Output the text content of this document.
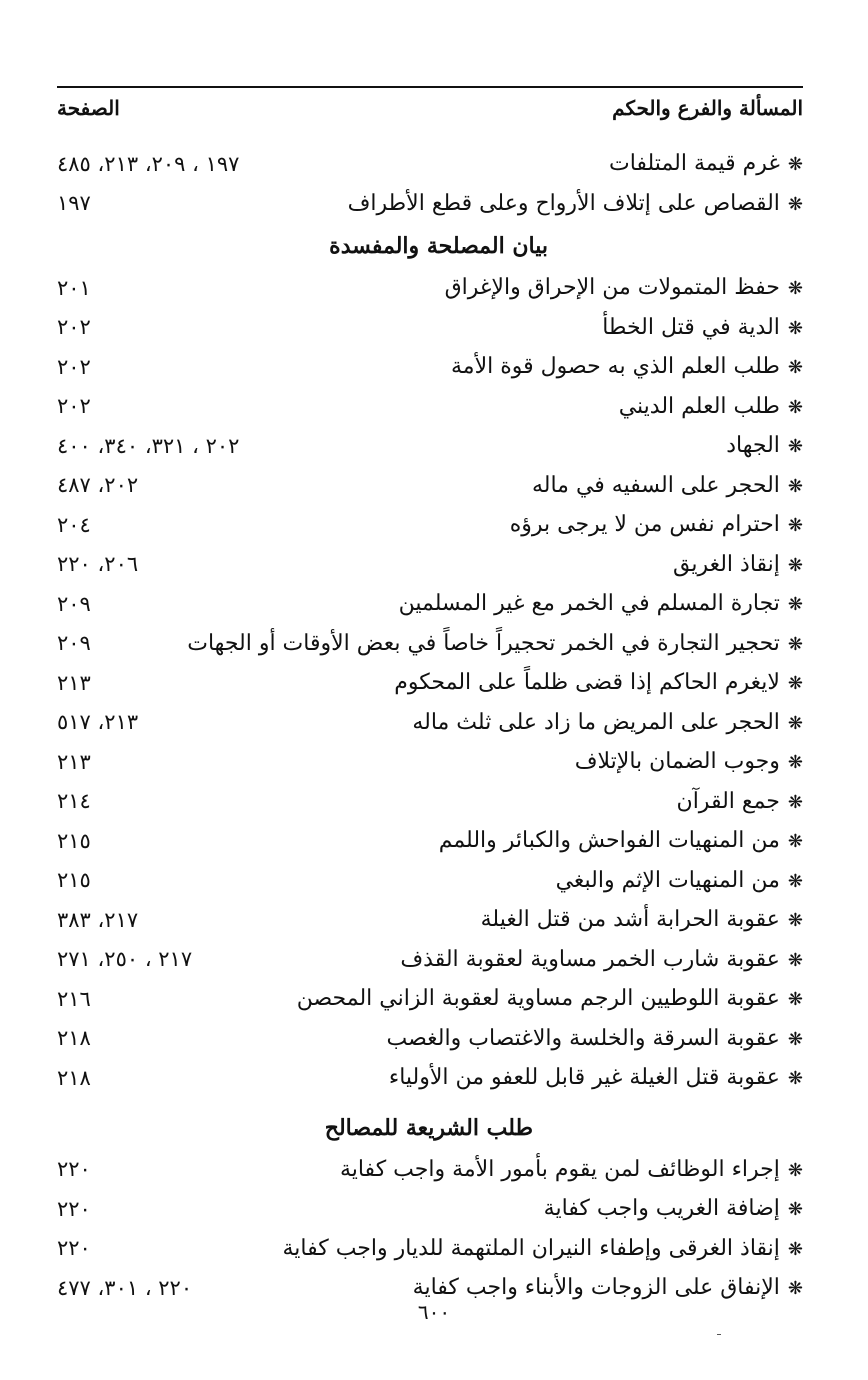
المسألة والفرع والحكم
الصفحة
❋غرم قيمة المتلفات
١٩٧ ، ٢٠٩، ٢١٣، ٤٨٥
❋القصاص على إتلاف الأرواح وعلى قطع الأطراف
١٩٧
بيان المصلحة والمفسدة
❋حفظ المتمولات من الإحراق والإغراق
٢٠١
❋الدية في قتل الخطأ
٢٠٢
❋طلب العلم الذي به حصول قوة الأمة
٢٠٢
❋طلب العلم الديني
٢٠٢
❋الجهاد
٢٠٢ ، ٣٢١، ٣٤٠، ٤٠٠
❋الحجر على السفيه في ماله
٢٠٢، ٤٨٧
❋احترام نفس من لا يرجى برؤه
٢٠٤
❋إنقاذ الغريق
٢٠٦، ٢٢٠
❋تجارة المسلم في الخمر مع غير المسلمين
٢٠٩
❋تحجير التجارة في الخمر تحجيراً خاصاً في بعض الأوقات أو الجهات
٢٠٩
❋لايغرم الحاكم إذا قضى ظلماً على المحكوم
٢١٣
❋الحجر على المريض ما زاد على ثلث ماله
٢١٣، ٥١٧
❋وجوب الضمان بالإتلاف
٢١٣
❋جمع القرآن
٢١٤
❋من المنهيات الفواحش والكبائر واللمم
٢١٥
❋من المنهيات الإثم والبغي
٢١٥
❋عقوبة الحرابة أشد من قتل الغيلة
٢١٧، ٣٨٣
❋عقوبة شارب الخمر مساوية لعقوبة القذف
٢١٧ ، ٢٥٠، ٢٧١
❋عقوبة اللوطيين الرجم مساوية لعقوبة الزاني المحصن
٢١٦
❋عقوبة السرقة والخلسة والاغتصاب والغصب
٢١٨
❋عقوبة قتل الغيلة غير قابل للعفو من الأولياء
٢١٨
طلب الشريعة للمصالح
❋إجراء الوظائف لمن يقوم بأمور الأمة واجب كفاية
٢٢٠
❋إضافة الغريب واجب كفاية
٢٢٠
❋إنقاذ الغرقى وإطفاء النيران الملتهمة للديار واجب كفاية
٢٢٠
❋الإنفاق على الزوجات والأبناء واجب كفاية
٢٢٠ ، ٣٠١، ٤٧٧
٦٠٠
